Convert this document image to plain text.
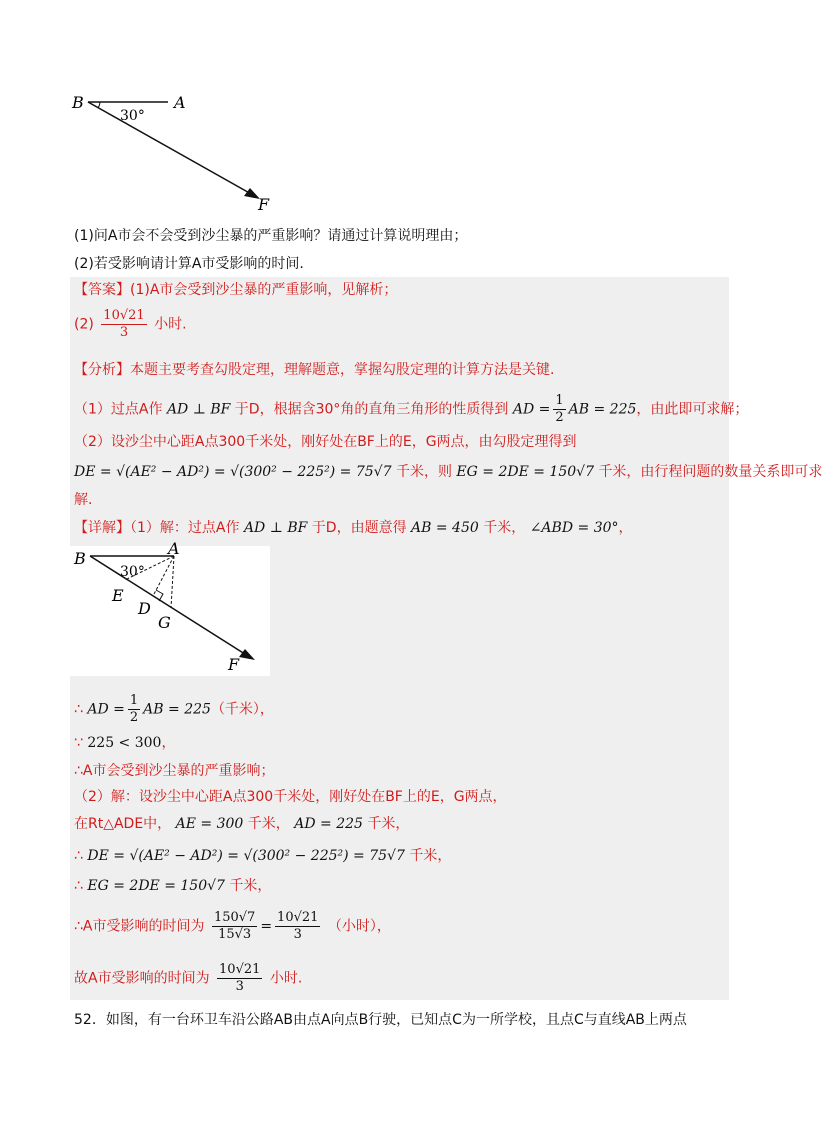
B	A
30°
F
(1)问A市会不会受到沙尘暴的严重影响？请通过计算说明理由；
(2)若受影响请计算A市受影响的时间.
【答案】(1)A市会受到沙尘暴的严重影响，见解析；
$(2) \frac{10√21}{3}$ 小时.
【分析】本题主要考查勾股定理，理解题意，掌握勾股定理的计算方法是关键.
（1）过点A作 AD ⊥ BF 于D，根据含30°角的直角三角形的性质得到 AD = $\frac{1}{2}$ AB = 225，由此即可求解；
（2）设沙尘中心距A点300千米处，刚好处在BF上的E，G两点，由勾股定理得到
DE = √(AE² − AD²) = √(300² − 225²) = 75√7 千米，则 EG = 2DE = 150√7 千米，由行程问题的数量关系即可求
解.
【详解】（1）解：过点A作 AD ⊥ BF 于D，由题意得 AB = 450 千米， ∠ABD = 30°，
B
A
30°
E
D
G
F
∴ AD = $\frac{1}{2}$ AB = 225（千米），
∵ 225 < 300，
∴A市会受到沙尘暴的严重影响；
（2）解：设沙尘中心距A点300千米处，刚好处在BF上的E，G两点，
在Rt△ADE中， AE = 300 千米， AD = 225 千米，
∴ DE = √(AE² − AD²) = √(300² − 225²) = 75√7 千米，
∴ EG = 2DE = 150√7 千米，
∴A市受影响的时间为 $\frac{150√7}{15√3} = \frac{10√21}{3}$ （小时），
故A市受影响的时间为 $\frac{10√21}{3}$ 小时.
52．如图，有一台环卫车沿公路AB由点A向点B行驶，已知点C为一所学校，且点C与直线AB上两点
